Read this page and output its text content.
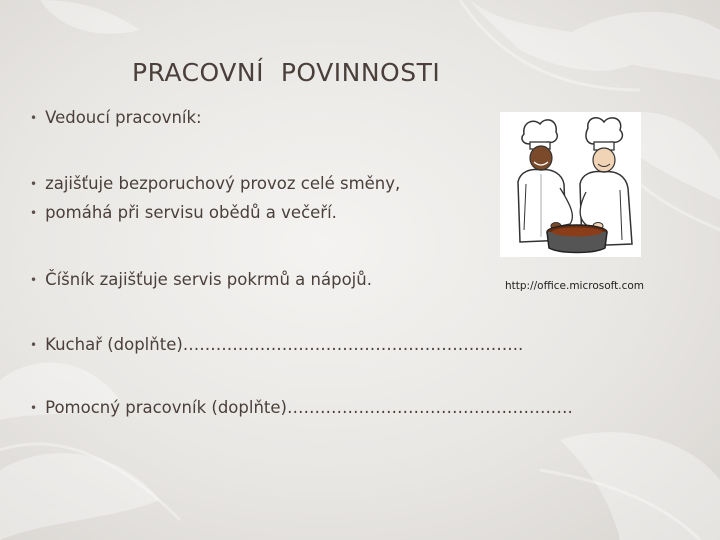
PRACOVNÍ  POVINNOSTI
• Vedoucí pracovník:
• zajišťuje bezporuchový provoz celé směny,
• pomáhá při servisu obědů a večeří.
• Číšník zajišťuje servis pokrmů a nápojů.
• Kuchař (doplňte)……………………………………………………..
• Pomocný pracovník (doplňte)…………………………………………….
http://office.microsoft.com
